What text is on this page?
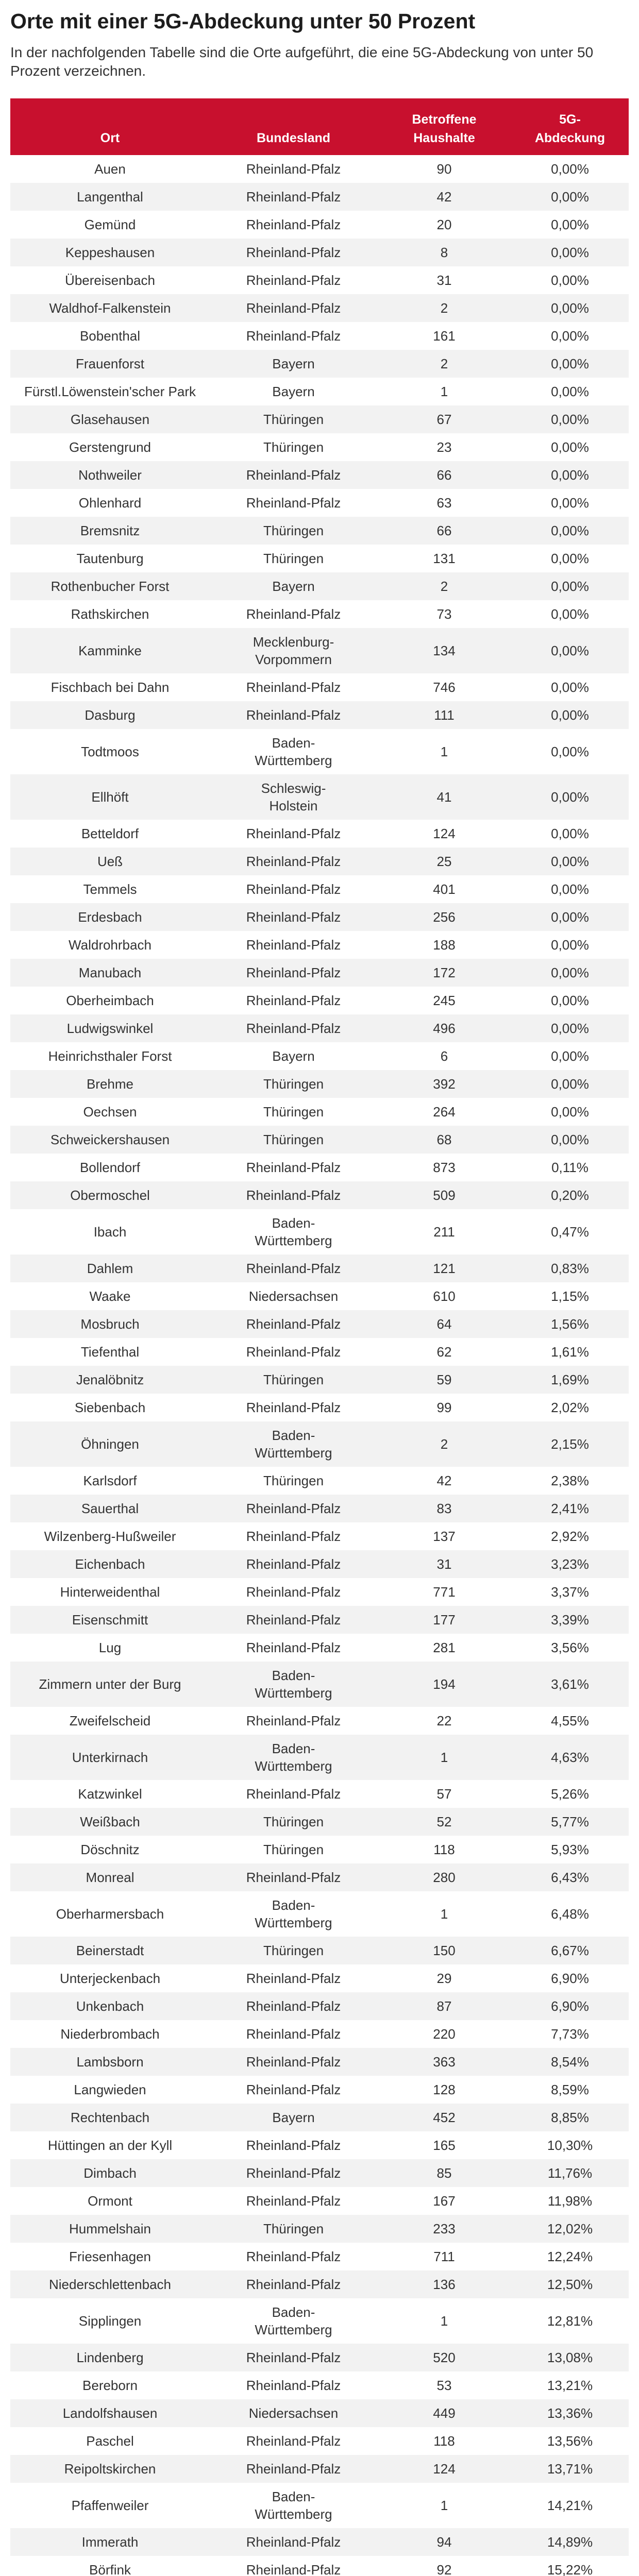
Orte mit einer 5G-Abdeckung unter 50 Prozent

In der nachfolgenden Tabelle sind die Orte aufgeführt, die eine 5G-Abdeckung von unter 50 Prozent verzeichnen.

Ort	Bundesland	Betroffene Haushalte	5G-Abdeckung
Auen	Rheinland-Pfalz	90	0,00%
Langenthal	Rheinland-Pfalz	42	0,00%
Gemünd	Rheinland-Pfalz	20	0,00%
Keppeshausen	Rheinland-Pfalz	8	0,00%
Übereisenbach	Rheinland-Pfalz	31	0,00%
Waldhof-Falkenstein	Rheinland-Pfalz	2	0,00%
Bobenthal	Rheinland-Pfalz	161	0,00%
Frauenforst	Bayern	2	0,00%
Fürstl.Löwenstein'scher Park	Bayern	1	0,00%
Glasehausen	Thüringen	67	0,00%
Gerstengrund	Thüringen	23	0,00%
Nothweiler	Rheinland-Pfalz	66	0,00%
Ohlenhard	Rheinland-Pfalz	63	0,00%
Bremsnitz	Thüringen	66	0,00%
Tautenburg	Thüringen	131	0,00%
Rothenbucher Forst	Bayern	2	0,00%
Rathskirchen	Rheinland-Pfalz	73	0,00%
Kamminke	Mecklenburg-Vorpommern	134	0,00%
Fischbach bei Dahn	Rheinland-Pfalz	746	0,00%
Dasburg	Rheinland-Pfalz	111	0,00%
Todtmoos	Baden-Württemberg	1	0,00%
Ellhöft	Schleswig-Holstein	41	0,00%
Betteldorf	Rheinland-Pfalz	124	0,00%
Ueß	Rheinland-Pfalz	25	0,00%
Temmels	Rheinland-Pfalz	401	0,00%
Erdesbach	Rheinland-Pfalz	256	0,00%
Waldrohrbach	Rheinland-Pfalz	188	0,00%
Manubach	Rheinland-Pfalz	172	0,00%
Oberheimbach	Rheinland-Pfalz	245	0,00%
Ludwigswinkel	Rheinland-Pfalz	496	0,00%
Heinrichsthaler Forst	Bayern	6	0,00%
Brehme	Thüringen	392	0,00%
Oechsen	Thüringen	264	0,00%
Schweickershausen	Thüringen	68	0,00%
Bollendorf	Rheinland-Pfalz	873	0,11%
Obermoschel	Rheinland-Pfalz	509	0,20%
Ibach	Baden-Württemberg	211	0,47%
Dahlem	Rheinland-Pfalz	121	0,83%
Waake	Niedersachsen	610	1,15%
Mosbruch	Rheinland-Pfalz	64	1,56%
Tiefenthal	Rheinland-Pfalz	62	1,61%
Jenalöbnitz	Thüringen	59	1,69%
Siebenbach	Rheinland-Pfalz	99	2,02%
Öhningen	Baden-Württemberg	2	2,15%
Karlsdorf	Thüringen	42	2,38%
Sauerthal	Rheinland-Pfalz	83	2,41%
Wilzenberg-Hußweiler	Rheinland-Pfalz	137	2,92%
Eichenbach	Rheinland-Pfalz	31	3,23%
Hinterweidenthal	Rheinland-Pfalz	771	3,37%
Eisenschmitt	Rheinland-Pfalz	177	3,39%
Lug	Rheinland-Pfalz	281	3,56%
Zimmern unter der Burg	Baden-Württemberg	194	3,61%
Zweifelscheid	Rheinland-Pfalz	22	4,55%
Unterkirnach	Baden-Württemberg	1	4,63%
Katzwinkel	Rheinland-Pfalz	57	5,26%
Weißbach	Thüringen	52	5,77%
Döschnitz	Thüringen	118	5,93%
Monreal	Rheinland-Pfalz	280	6,43%
Oberharmersbach	Baden-Württemberg	1	6,48%
Beinerstadt	Thüringen	150	6,67%
Unterjeckenbach	Rheinland-Pfalz	29	6,90%
Unkenbach	Rheinland-Pfalz	87	6,90%
Niederbrombach	Rheinland-Pfalz	220	7,73%
Lambsborn	Rheinland-Pfalz	363	8,54%
Langwieden	Rheinland-Pfalz	128	8,59%
Rechtenbach	Bayern	452	8,85%
Hüttingen an der Kyll	Rheinland-Pfalz	165	10,30%
Dimbach	Rheinland-Pfalz	85	11,76%
Ormont	Rheinland-Pfalz	167	11,98%
Hummelshain	Thüringen	233	12,02%
Friesenhagen	Rheinland-Pfalz	711	12,24%
Niederschlettenbach	Rheinland-Pfalz	136	12,50%
Sipplingen	Baden-Württemberg	1	12,81%
Lindenberg	Rheinland-Pfalz	520	13,08%
Bereborn	Rheinland-Pfalz	53	13,21%
Landolfshausen	Niedersachsen	449	13,36%
Paschel	Rheinland-Pfalz	118	13,56%
Reipoltskirchen	Rheinland-Pfalz	124	13,71%
Pfaffenweiler	Baden-Württemberg	1	14,21%
Immerath	Rheinland-Pfalz	94	14,89%
Börfink	Rheinland-Pfalz	92	15,22%
